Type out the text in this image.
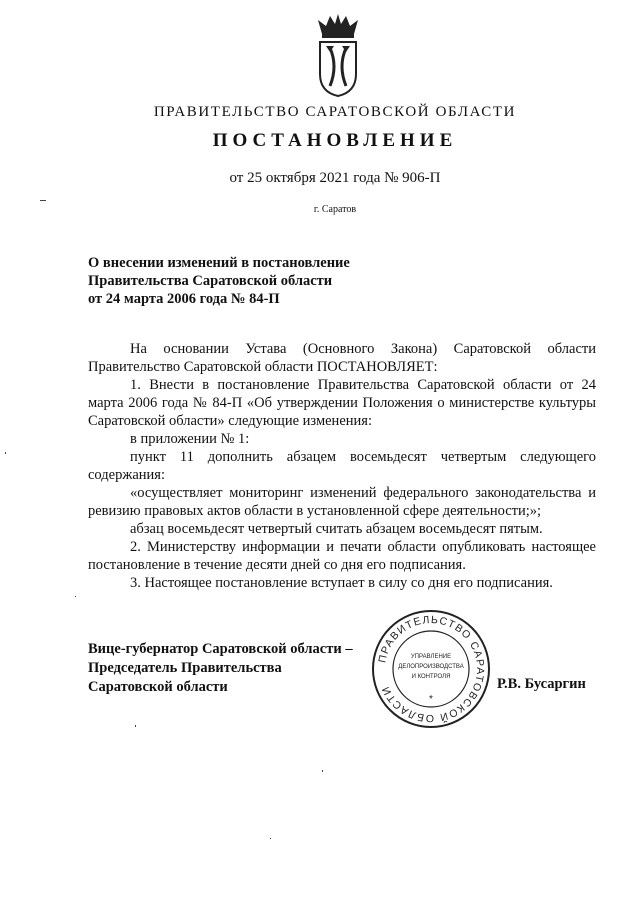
ПРАВИТЕЛЬСТВО САРАТОВСКОЙ ОБЛАСТИ
ПОСТАНОВЛЕНИЕ
от 25 октября 2021 года № 906-П
г. Саратов
О внесении изменений в постановление
Правительства Саратовской области
от 24 марта 2006 года № 84-П

На основании Устава (Основного Закона) Саратовской области Правительство Саратовской области ПОСТАНОВЛЯЕТ:

1. Внести в постановление Правительства Саратовской области от 24 марта 2006 года № 84-П «Об утверждении Положения о министерстве культуры Саратовской области» следующие изменения:

в приложении № 1:

пункт 11 дополнить абзацем восемьдесят четвертым следующего содержания:

«осуществляет мониторинг изменений федерального законодательства и ревизию правовых актов области в установленной сфере деятельности;»;

абзац восемьдесят четвертый считать абзацем восемьдесят пятым.

2. Министерству информации и печати области опубликовать настоящее постановление в течение десяти дней со дня его подписания.

3. Настоящее постановление вступает в силу со дня его подписания.

Вице-губернатор Саратовской области –
Председатель Правительства
Саратовской области
ПРАВИТЕЛЬСТВО САРАТОВСКОЙ ОБЛАСТИ
УПРАВЛЕНИЕ
ДЕЛОПРОИЗВОДСТВА
И КОНТРОЛЯ
*
Р.В. Бусаргин
